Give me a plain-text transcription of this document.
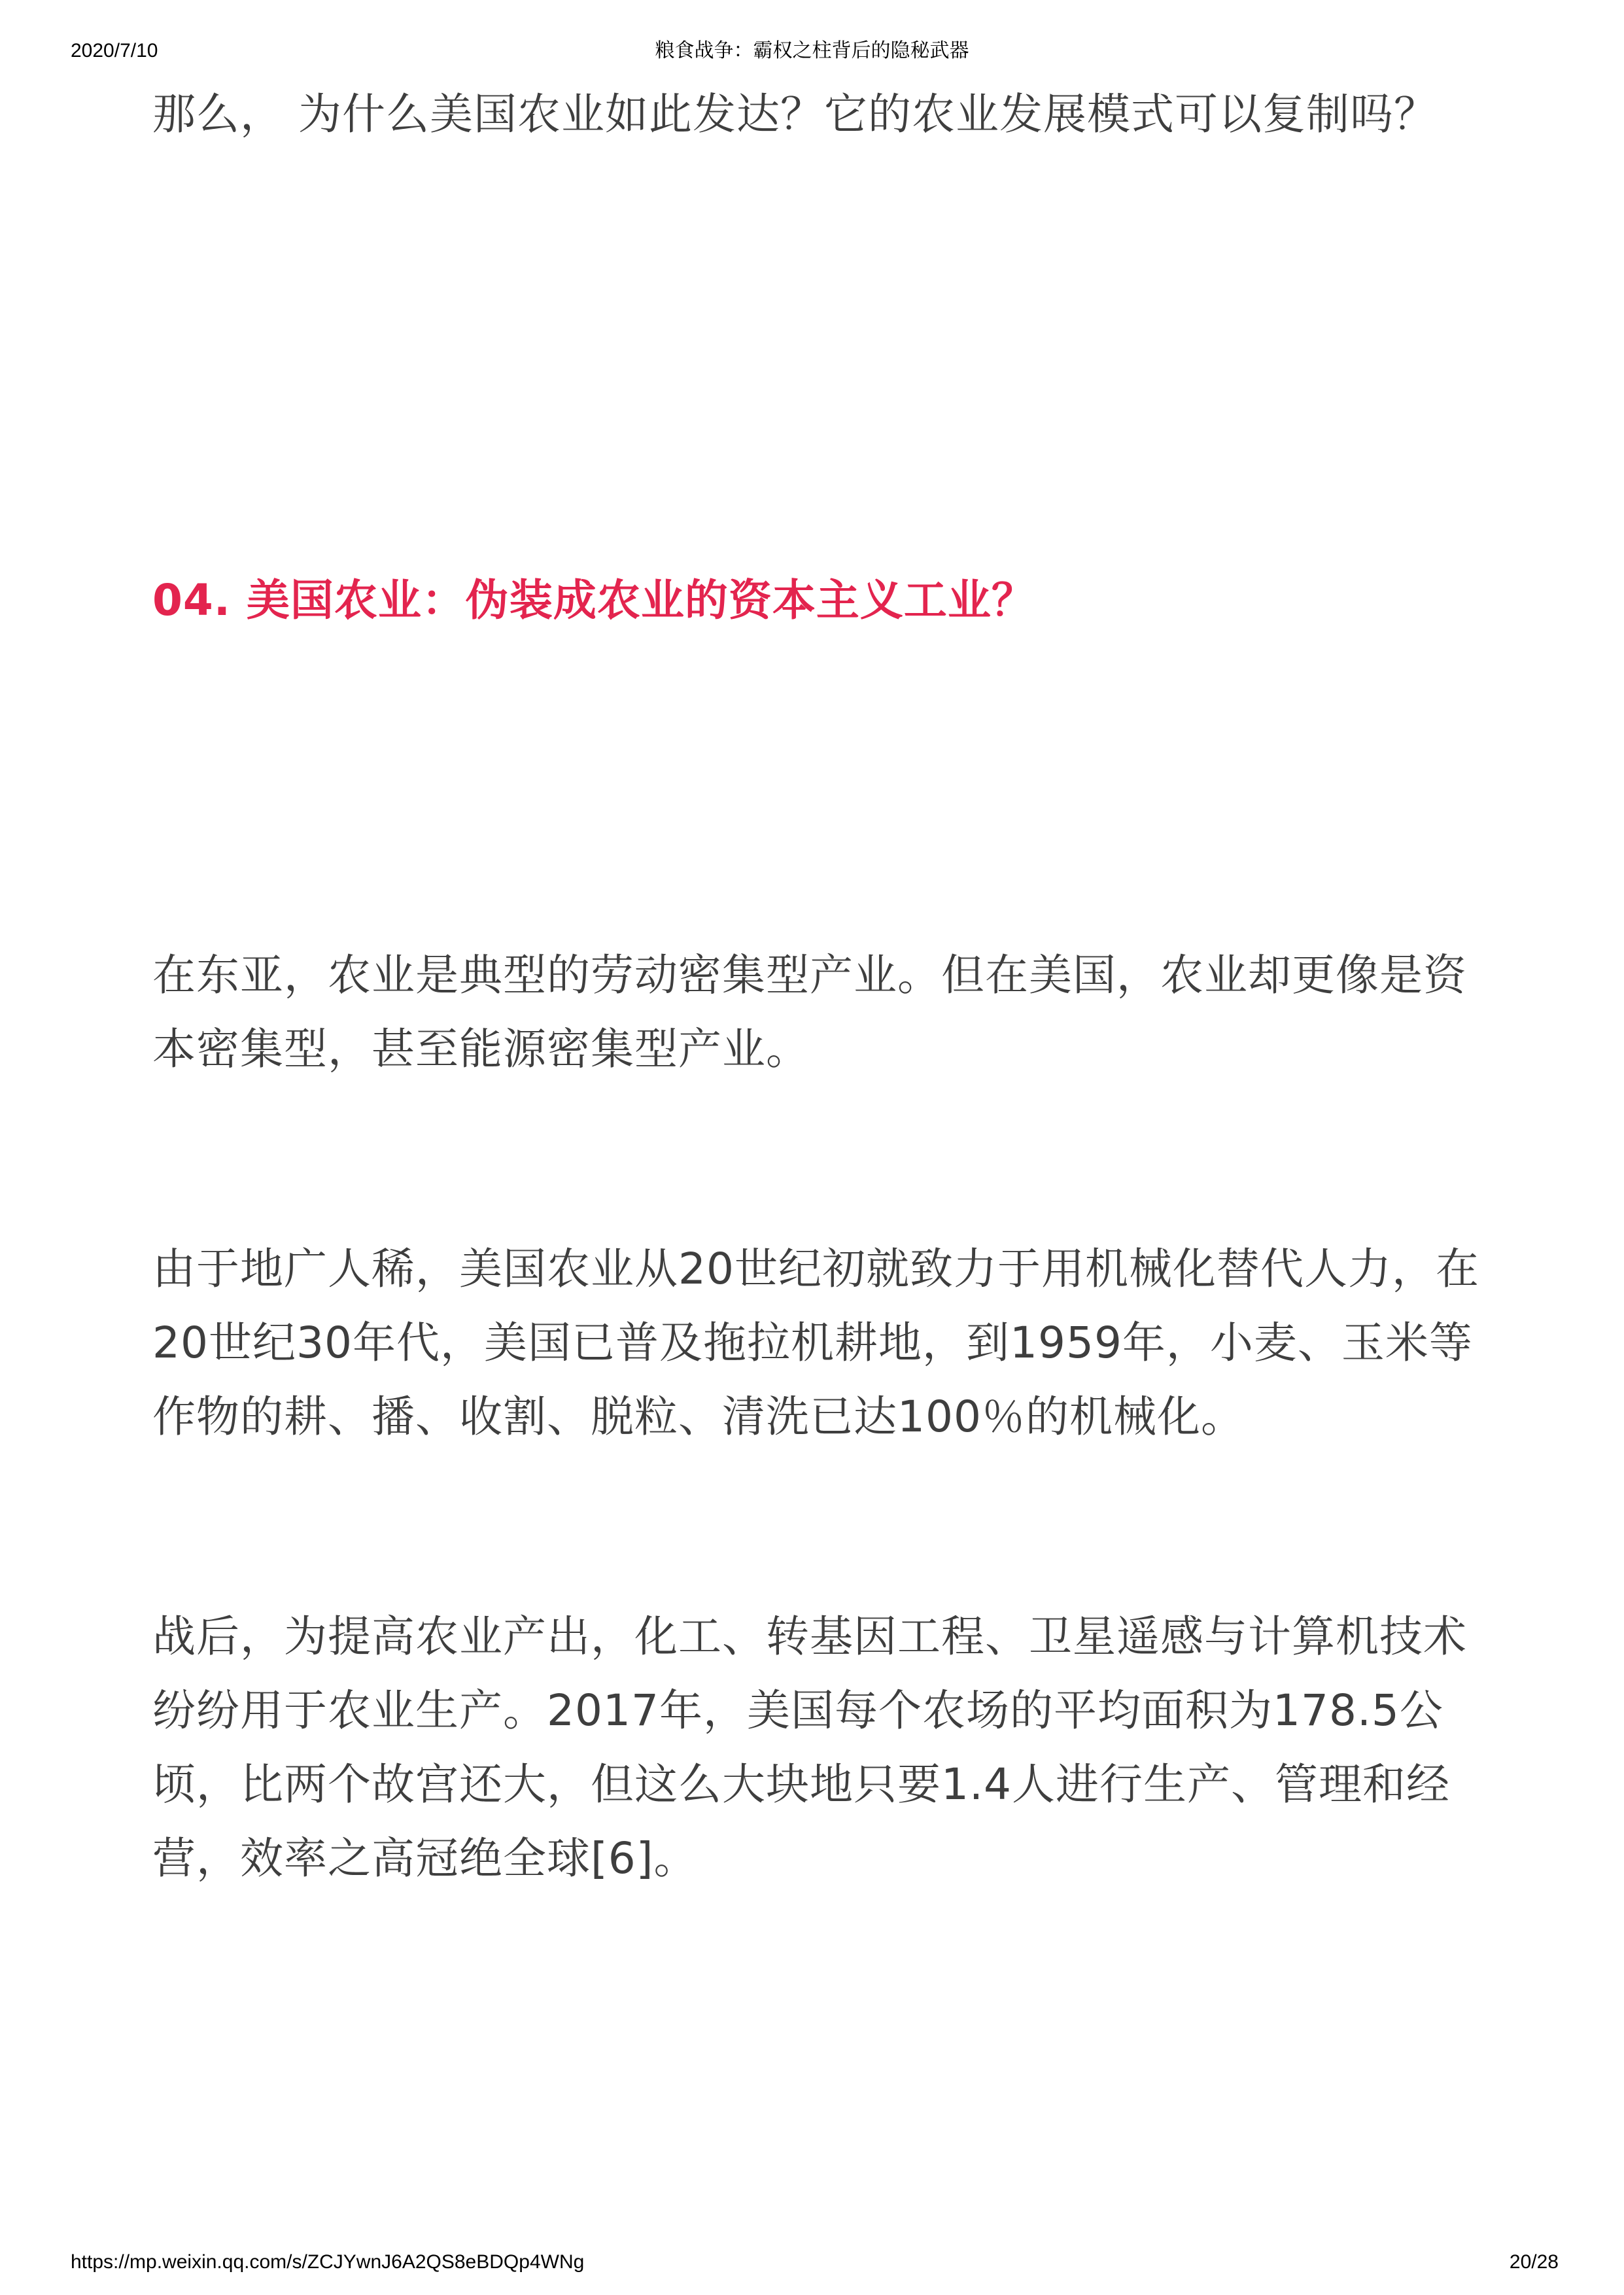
2020/7/10	粮食战争：霸权之柱背后的隐秘武器

那么， 为什么美国农业如此发达？它的农业发展模式可以复制吗？

04. 美国农业：伪装成农业的资本主义工业？

在东亚，农业是典型的劳动密集型产业。但在美国，农业却更像是资本密集型，甚至能源密集型产业。

由于地广人稀，美国农业从20世纪初就致力于用机械化替代人力，在20世纪30年代，美国已普及拖拉机耕地，到1959年，小麦、玉米等作物的耕、播、收割、脱粒、清洗已达100％的机械化。

战后，为提高农业产出，化工、转基因工程、卫星遥感与计算机技术纷纷用于农业生产。2017年，美国每个农场的平均面积为178.5公顷，比两个故宫还大，但这么大块地只要1.4人进行生产、管理和经营，效率之高冠绝全球[6]。

https://mp.weixin.qq.com/s/ZCJYwnJ6A2QS8eBDQp4WNg	20/28
